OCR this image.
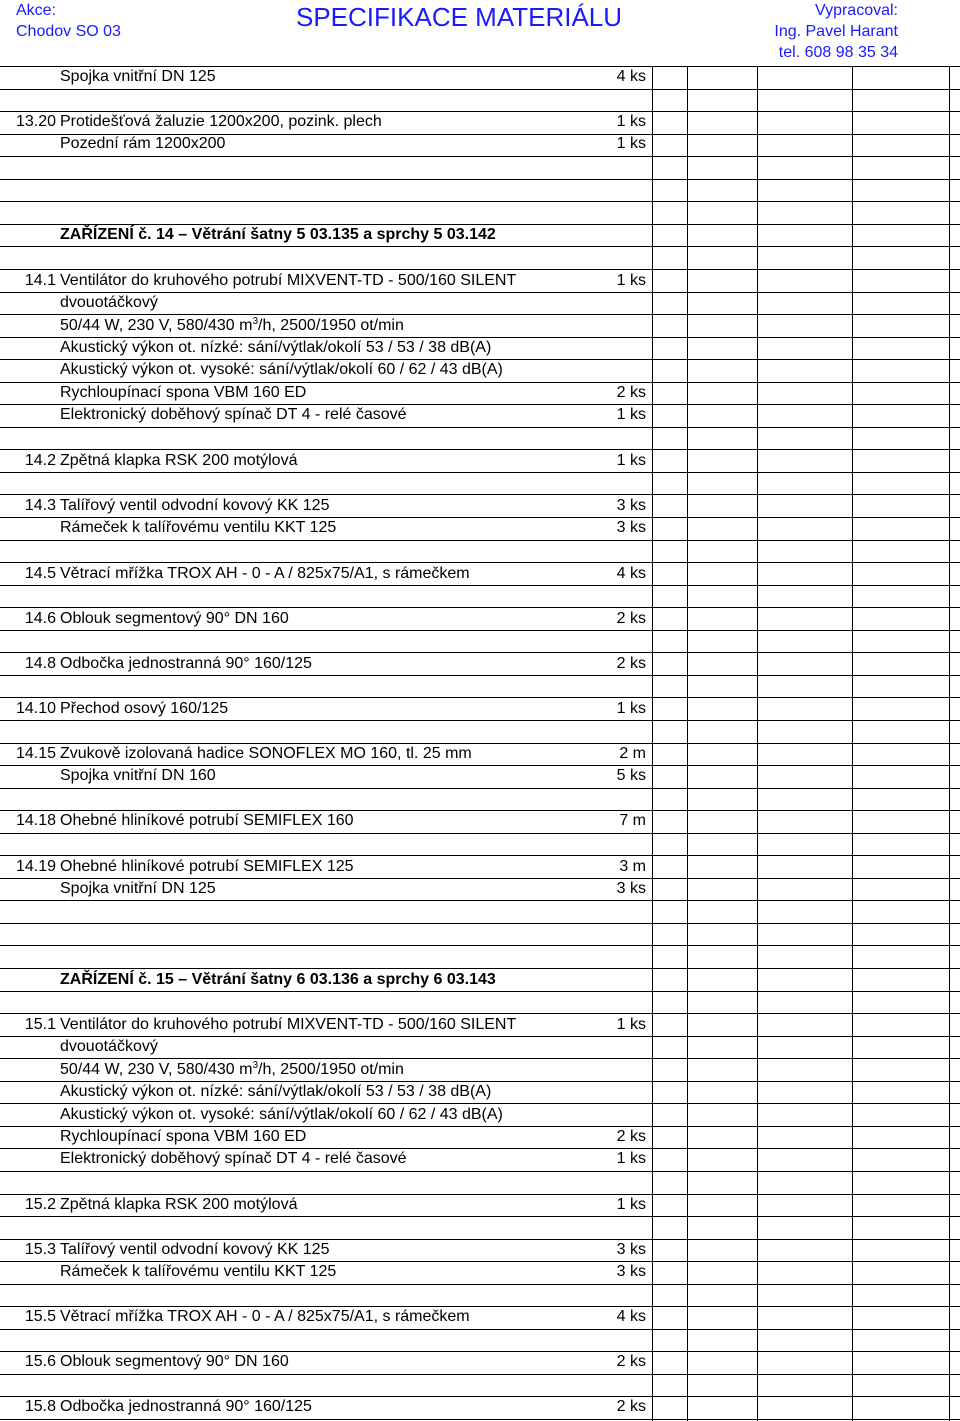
Akce:
Chodov SO 03	SPECIFIKACE MATERIÁLU	Vypracoval:
Ing. Pavel Harant
tel. 608 98 35 34
Spojka vnitřní DN 125	4 ks
13.20 Protidešťová žaluzie 1200x200, pozink. plech	1 ks
Pozední rám 1200x200	1 ks
ZAŘÍZENÍ č. 14 – Větrání šatny 5 03.135 a sprchy 5 03.142
14.1 Ventilátor do kruhového potrubí MIXVENT-TD - 500/160 SILENT	1 ks
dvouotáčkový
50/44 W, 230 V, 580/430 $m^3/h$, 2500/1950 ot/min
Akustický výkon ot. nízké: sání/výtlak/okolí 53 / 53 / 38 dB(A)
Akustický výkon ot. vysoké: sání/výtlak/okolí 60 / 62 / 43 dB(A)
Rychloupínací spona VBM 160 ED	2 ks
Elektronický doběhový spínač DT 4 - relé časové	1 ks
14.2 Zpětná klapka RSK 200 motýlová	1 ks
14.3 Talířový ventil odvodní kovový KK 125	3 ks
Rámeček k talířovému ventilu KKT 125	3 ks
14.5 Větrací mřížka TROX AH - 0 - A / 825x75/A1, s rámečkem	4 ks
14.6 Oblouk segmentový 90° DN 160	2 ks
14.8 Odbočka jednostranná 90° 160/125	2 ks
14.10 Přechod osový 160/125	1 ks
14.15 Zvukově izolovaná hadice SONOFLEX MO 160, tl. 25 mm	2 m
Spojka vnitřní DN 160	5 ks
14.18 Ohebné hliníkové potrubí SEMIFLEX 160	7 m
14.19 Ohebné hliníkové potrubí SEMIFLEX 125	3 m
Spojka vnitřní DN 125	3 ks
ZAŘÍZENÍ č. 15 – Větrání šatny 6 03.136 a sprchy 6 03.143
15.1 Ventilátor do kruhového potrubí MIXVENT-TD - 500/160 SILENT	1 ks
dvouotáčkový
50/44 W, 230 V, 580/430 $m^3/h$, 2500/1950 ot/min
Akustický výkon ot. nízké: sání/výtlak/okolí 53 / 53 / 38 dB(A)
Akustický výkon ot. vysoké: sání/výtlak/okolí 60 / 62 / 43 dB(A)
Rychloupínací spona VBM 160 ED	2 ks
Elektronický doběhový spínač DT 4 - relé časové	1 ks
15.2 Zpětná klapka RSK 200 motýlová	1 ks
15.3 Talířový ventil odvodní kovový KK 125	3 ks
Rámeček k talířovému ventilu KKT 125	3 ks
15.5 Větrací mřížka TROX AH - 0 - A / 825x75/A1, s rámečkem	4 ks
15.6 Oblouk segmentový 90° DN 160	2 ks
15.8 Odbočka jednostranná 90° 160/125	2 ks
